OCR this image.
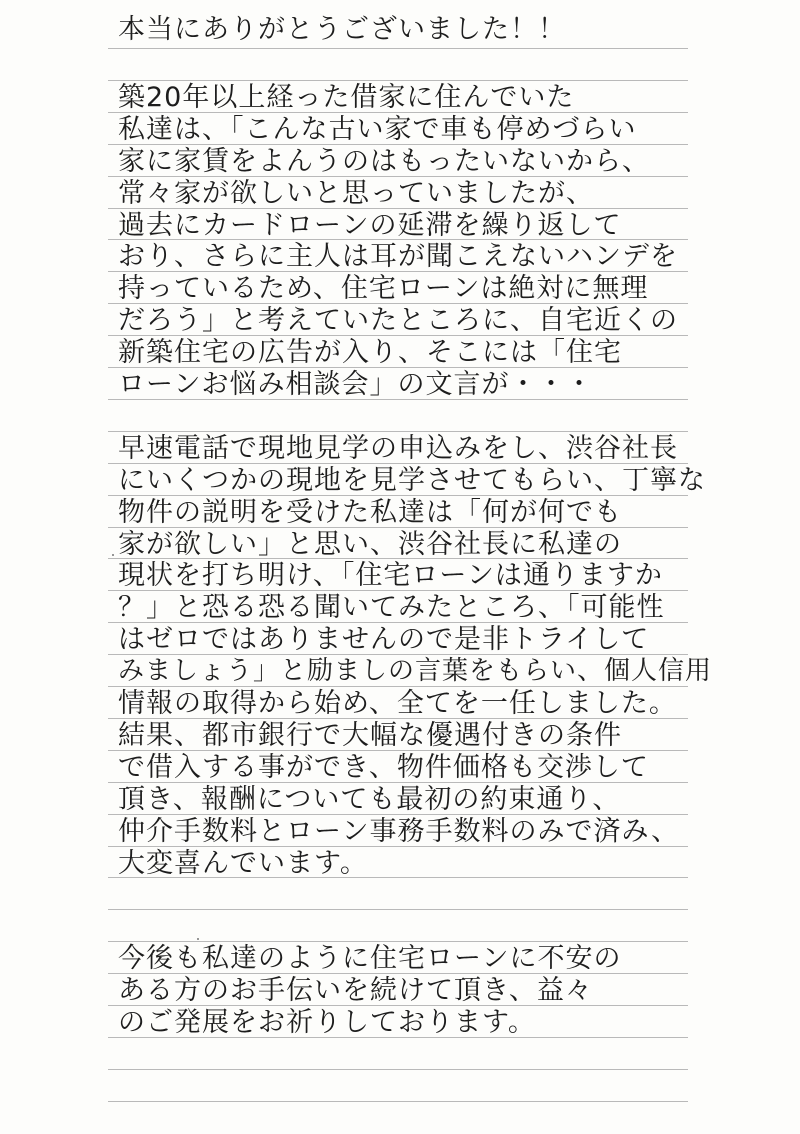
本当にありがとうございました！！
築20年以上経った借家に住んでいた
私達は、「こんな古い家で車も停めづらい
家に家賃をよんうのはもったいないから、
常々家が欲しいと思っていましたが、
過去にカードローンの延滞を繰り返して
おり、さらに主人は耳が聞こえないハンデを
持っているため、住宅ローンは絶対に無理
だろう」と考えていたところに、自宅近くの
新築住宅の広告が入り、そこには「住宅
ローンお悩み相談会」の文言が・・・
早速電話で現地見学の申込みをし、渋谷社長
にいくつかの現地を見学させてもらい、丁寧な
物件の説明を受けた私達は「何が何でも
家が欲しい」と思い、渋谷社長に私達の
現状を打ち明け、「住宅ローンは通りますか
？」と恐る恐る聞いてみたところ、「可能性
はゼロではありませんので是非トライして
みましょう」と励ましの言葉をもらい、個人信用
情報の取得から始め、全てを一任しました。
結果、都市銀行で大幅な優遇付きの条件
で借入する事ができ、物件価格も交渉して
頂き、報酬についても最初の約束通り、
仲介手数料とローン事務手数料のみで済み、
大変喜んでいます。
今後も私達のように住宅ローンに不安の
ある方のお手伝いを続けて頂き、益々
のご発展をお祈りしております。
